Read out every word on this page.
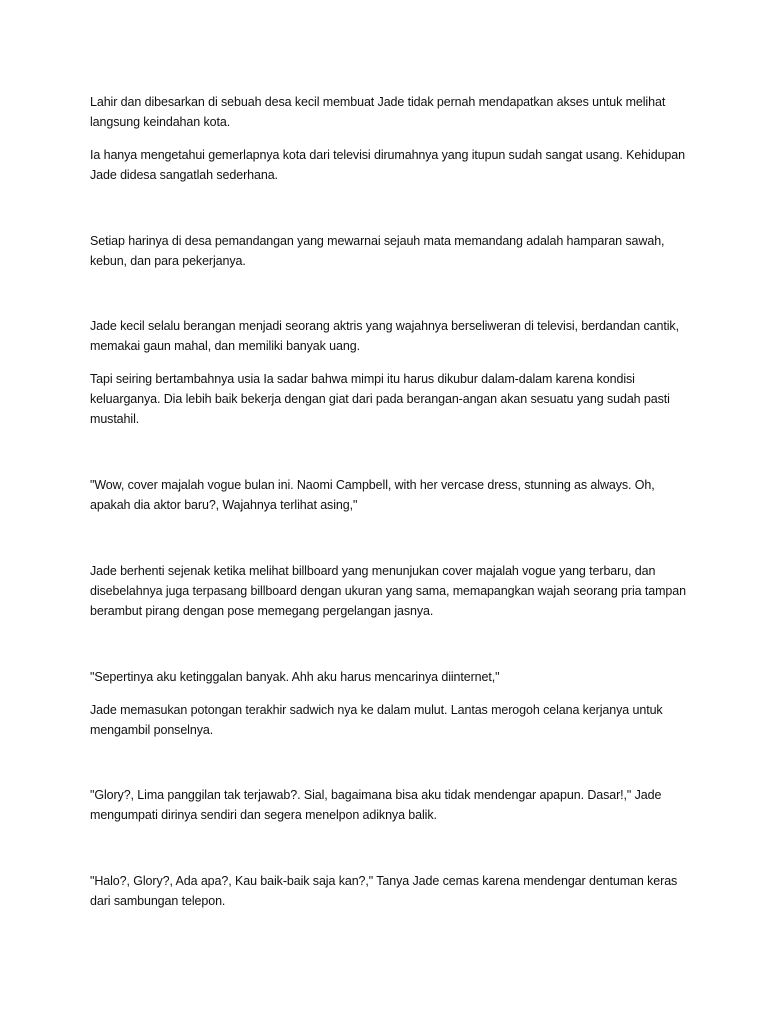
Lahir dan dibesarkan di sebuah desa kecil membuat Jade tidak pernah mendapatkan akses untuk melihat langsung keindahan kota.

Ia hanya mengetahui gemerlapnya kota dari televisi dirumahnya yang itupun sudah sangat usang. Kehidupan Jade didesa sangatlah sederhana.

Setiap harinya di desa pemandangan yang mewarnai sejauh mata memandang adalah hamparan sawah, kebun, dan para pekerjanya.

Jade kecil selalu berangan menjadi seorang aktris yang wajahnya berseliweran di televisi, berdandan cantik, memakai gaun mahal, dan memiliki banyak uang.

Tapi seiring bertambahnya usia Ia sadar bahwa mimpi itu harus dikubur dalam-dalam karena kondisi keluarganya. Dia lebih baik bekerja dengan giat dari pada berangan-angan akan sesuatu yang sudah pasti mustahil.

"Wow, cover majalah vogue bulan ini. Naomi Campbell, with her vercase dress, stunning as always. Oh, apakah dia aktor baru?, Wajahnya terlihat asing,"

Jade berhenti sejenak ketika melihat billboard yang menunjukan cover majalah vogue yang terbaru, dan disebelahnya juga terpasang billboard dengan ukuran yang sama, memapangkan wajah seorang pria tampan berambut pirang dengan pose memegang pergelangan jasnya.

"Sepertinya aku ketinggalan banyak. Ahh aku harus mencarinya diinternet,"

Jade memasukan potongan terakhir sadwich nya ke dalam mulut. Lantas merogoh celana kerjanya untuk mengambil ponselnya.

"Glory?, Lima panggilan tak terjawab?. Sial, bagaimana bisa aku tidak mendengar apapun. Dasar!," Jade mengumpati dirinya sendiri dan segera menelpon adiknya balik.

"Halo?, Glory?, Ada apa?, Kau baik-baik saja kan?," Tanya Jade cemas karena mendengar dentuman keras dari sambungan telepon.
